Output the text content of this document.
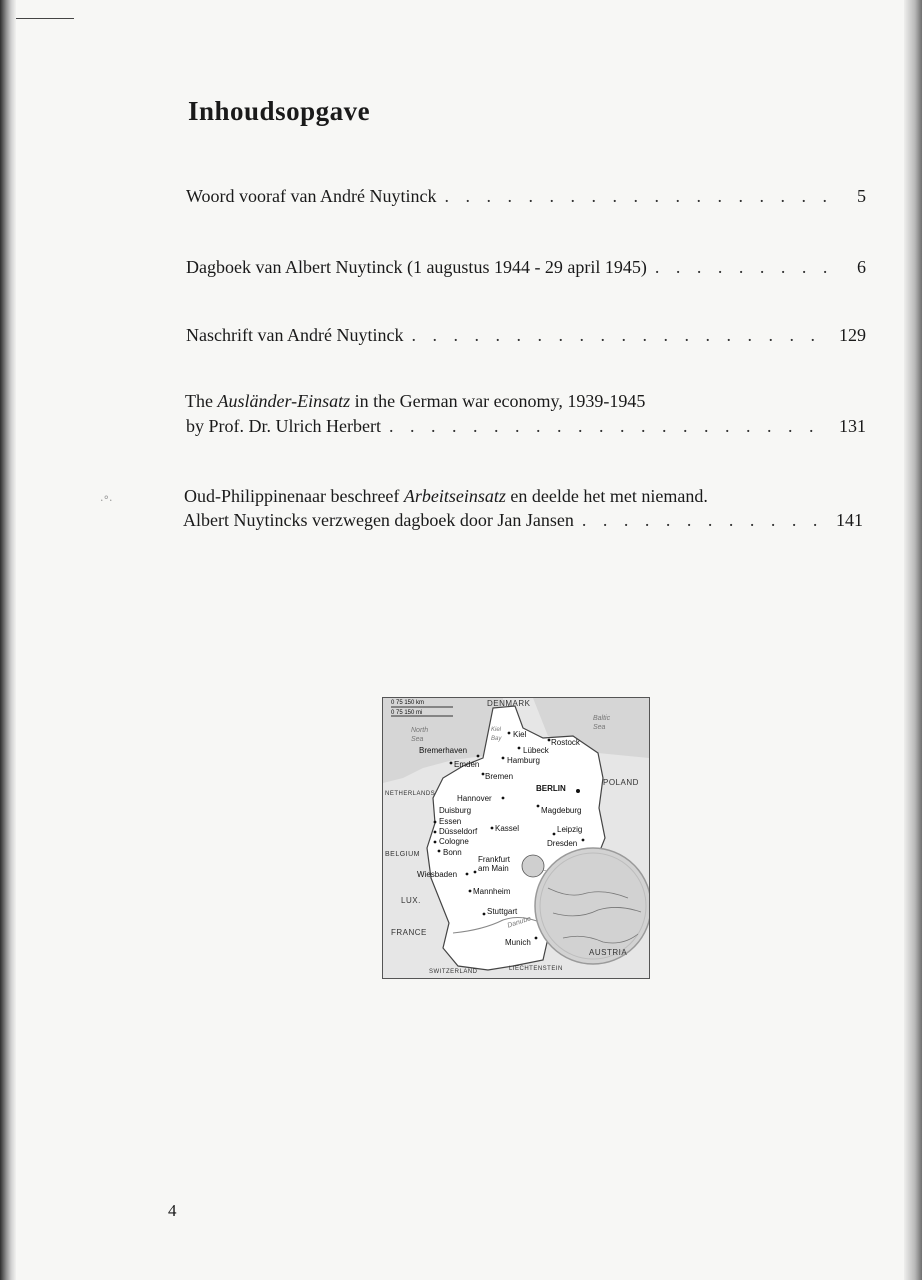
Inhoudsopgave
Woord vooraf van André Nuytinck . . .	5
Dagboek van Albert Nuytinck (1 augustus 1944 - 29 april 1945) . . .	6
Naschrift van André Nuytinck . . .	129
The Ausländer-Einsatz in the German war economy, 1939-1945
by Prof. Dr. Ulrich Herbert . . .	131
Oud-Philippinenaar beschreef Arbeitseinsatz en deelde het met niemand.
Albert Nuytincks verzwegen dagboek door Jan Jansen . . .	141
·°·
0 75 150 km
0 75 150 mi
DENMARK
POLAND
NETHERLANDS
BELGIUM
LUX.
FRANCE
SWITZERLAND	LIECHTENSTEIN
AUSTRIA
North Sea
Baltic Sea
Kiel Bay
Danube
BERLIN
Kiel
Rostock
Lübeck
Bremerhaven
Hamburg
Emden
Bremen
Hannover
Magdeburg
Duisburg
Essen
Düsseldorf Kassel	Leipzig
Cologne
Bonn
Dresden
Frankfurt am Main
Wiesbaden
Mannheim
Stuttgart
Munich
4
